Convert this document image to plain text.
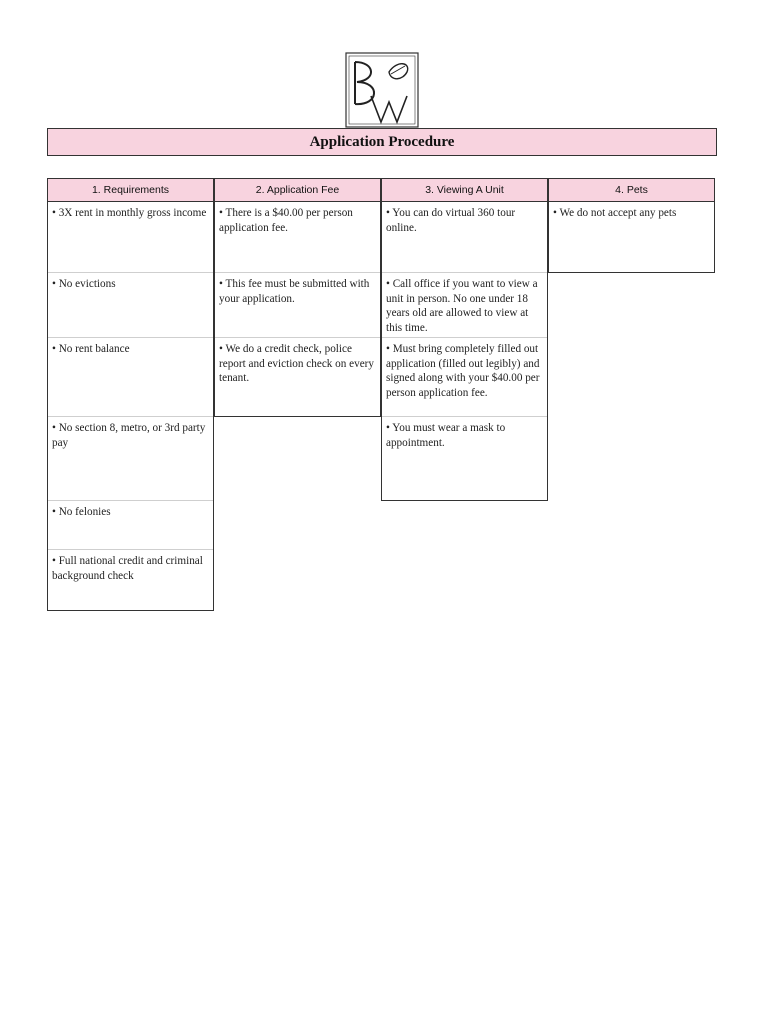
Application Procedure
1. Requirements
• 3X rent in monthly gross income
• No evictions
• No rent balance
• No section 8, metro, or 3rd party pay
• No felonies
• Full national credit and criminal background check
2. Application Fee
• There is a $40.00 per person application fee.
• This fee must be submitted with your application.
• We do a credit check, police report and eviction check on every tenant.
3. Viewing A Unit
• You can do virtual 360 tour online.
• Call office if you want to view a unit in person. No one under 18 years old are allowed to view at this time.
• Must bring completely filled out application (filled out legibly) and signed along with your $40.00 per person application fee.
• You must wear a mask to appointment.
4. Pets
• We do not accept any pets
